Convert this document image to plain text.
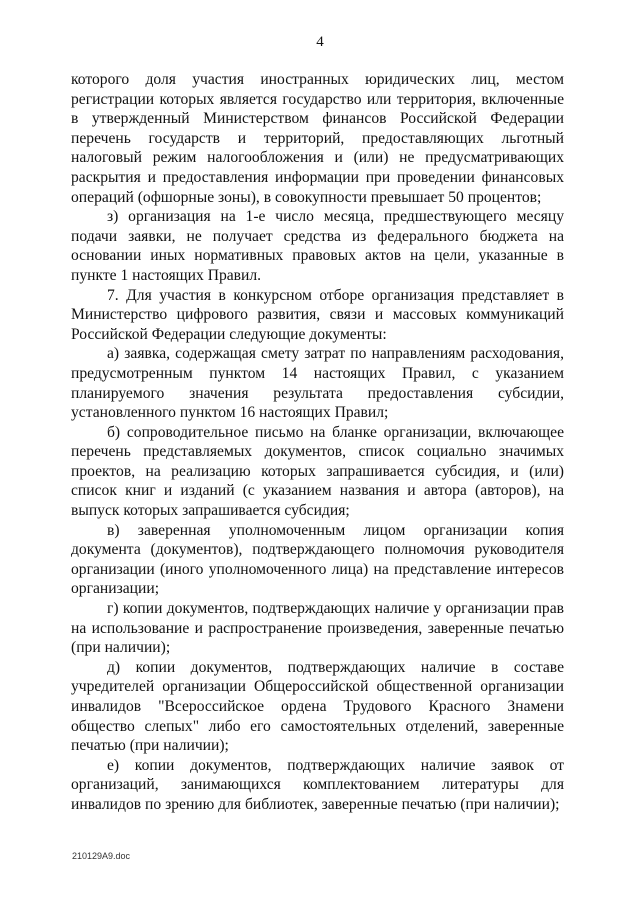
4

которого доля участия иностранных юридических лиц, местом регистрации которых является государство или территория, включенные в утвержденный Министерством финансов Российской Федерации перечень государств и территорий, предоставляющих льготный налоговый режим налогообложения и (или) не предусматривающих раскрытия и предоставления информации при проведении финансовых операций (офшорные зоны), в совокупности превышает 50 процентов;

з) организация на 1-е число месяца, предшествующего месяцу подачи заявки, не получает средства из федерального бюджета на основании иных нормативных правовых актов на цели, указанные в пункте 1 настоящих Правил.

7. Для участия в конкурсном отборе организация представляет в Министерство цифрового развития, связи и массовых коммуникаций Российской Федерации следующие документы:

а) заявка, содержащая смету затрат по направлениям расходования, предусмотренным пунктом 14 настоящих Правил, с указанием планируемого значения результата предоставления субсидии, установленного пунктом 16 настоящих Правил;

б) сопроводительное письмо на бланке организации, включающее перечень представляемых документов, список социально значимых проектов, на реализацию которых запрашивается субсидия, и (или) список книг и изданий (с указанием названия и автора (авторов), на выпуск которых запрашивается субсидия;

в) заверенная уполномоченным лицом организации копия документа (документов), подтверждающего полномочия руководителя организации (иного уполномоченного лица) на представление интересов организации;

г) копии документов, подтверждающих наличие у организации прав на использование и распространение произведения, заверенные печатью (при наличии);

д) копии документов, подтверждающих наличие в составе учредителей организации Общероссийской общественной организации инвалидов "Всероссийское ордена Трудового Красного Знамени общество слепых" либо его самостоятельных отделений, заверенные печатью (при наличии);

е) копии документов, подтверждающих наличие заявок от организаций, занимающихся комплектованием литературы для инвалидов по зрению для библиотек, заверенные печатью (при наличии);

210129A9.doc
